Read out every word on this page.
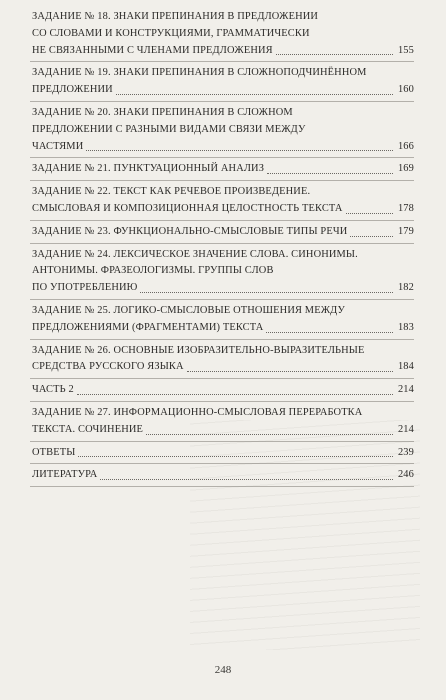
ЗАДАНИЕ № 18. ЗНАКИ ПРЕПИНАНИЯ В ПРЕДЛОЖЕНИИ
СО СЛОВАМИ И КОНСТРУКЦИЯМИ, ГРАММАТИЧЕСКИ
НЕ СВЯЗАННЫМИ С ЧЛЕНАМИ ПРЕДЛОЖЕНИЯ	155
ЗАДАНИЕ № 19. ЗНАКИ ПРЕПИНАНИЯ В СЛОЖНОПОДЧИНЁННОМ
ПРЕДЛОЖЕНИИ	160
ЗАДАНИЕ № 20. ЗНАКИ ПРЕПИНАНИЯ В СЛОЖНОМ
ПРЕДЛОЖЕНИИ С РАЗНЫМИ ВИДАМИ СВЯЗИ МЕЖДУ
ЧАСТЯМИ	166
ЗАДАНИЕ № 21. ПУНКТУАЦИОННЫЙ АНАЛИЗ	169
ЗАДАНИЕ № 22. ТЕКСТ КАК РЕЧЕВОЕ ПРОИЗВЕДЕНИЕ.
СМЫСЛОВАЯ И КОМПОЗИЦИОННАЯ ЦЕЛОСТНОСТЬ ТЕКСТА	178
ЗАДАНИЕ № 23. ФУНКЦИОНАЛЬНО-СМЫСЛОВЫЕ ТИПЫ РЕЧИ	179
ЗАДАНИЕ № 24. ЛЕКСИЧЕСКОЕ ЗНАЧЕНИЕ СЛОВА. СИНОНИМЫ.
АНТОНИМЫ. ФРАЗЕОЛОГИЗМЫ. ГРУППЫ СЛОВ
ПО УПОТРЕБЛЕНИЮ	182
ЗАДАНИЕ № 25. ЛОГИКО-СМЫСЛОВЫЕ ОТНОШЕНИЯ МЕЖДУ
ПРЕДЛОЖЕНИЯМИ (ФРАГМЕНТАМИ) ТЕКСТА	183
ЗАДАНИЕ № 26. ОСНОВНЫЕ ИЗОБРАЗИТЕЛЬНО-ВЫРАЗИТЕЛЬНЫЕ
СРЕДСТВА РУССКОГО ЯЗЫКА	184
ЧАСТЬ 2	214
ЗАДАНИЕ № 27. ИНФОРМАЦИОННО-СМЫСЛОВАЯ ПЕРЕРАБОТКА
ТЕКСТА. СОЧИНЕНИЕ	214
ОТВЕТЫ	239
ЛИТЕРАТУРА	246
248
